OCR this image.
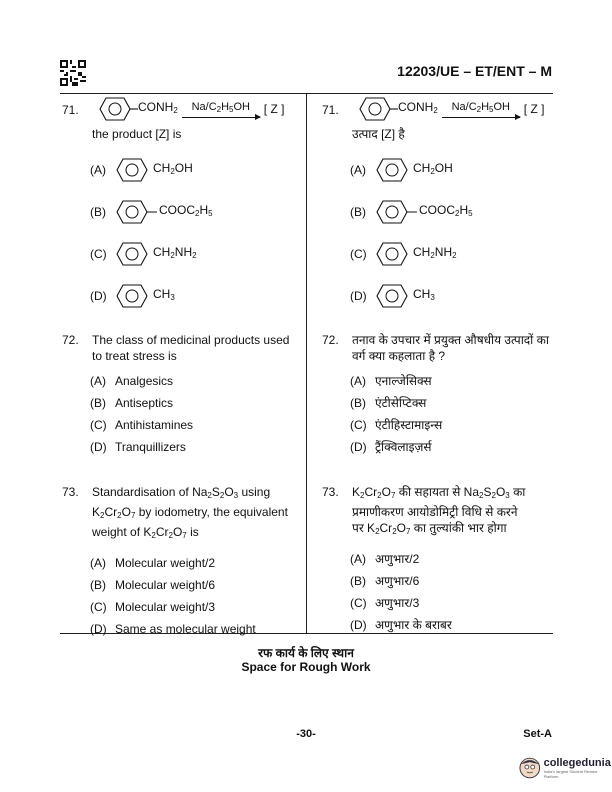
12203/UE – ET/ENT – M
71.	$CONH_2$ $Na/C_2H_5OH$ [ Z ]
the product [Z] is
(A)	$CH_2OH$
(B)	$COOC_2H_5$
(C)	$CH_2NH_2$
(D)	$CH_3$
72.	The class of medicinal products used to treat stress is
(A) Analgesics
(B) Antiseptics
(C) Antihistamines
(D) Tranquillizers
73.	Standardisation of $Na_2S_2O_3$ using
$K_2Cr_2O_7$ by iodometry, the equivalent
weight of $K_2Cr_2O_7$ is
(A) Molecular weight/2
(B) Molecular weight/6
(C) Molecular weight/3
(D) Same as molecular weight
71.	$CONH_2$ $Na/C_2H_5OH$ [ Z ]
उत्पाद [Z] है
(A)	$CH_2OH$
(B)	$COOC_2H_5$
(C)	$CH_2NH_2$
(D)	$CH_3$
72.	तनाव के उपचार में प्रयुक्त औषधीय उत्पादों का वर्ग क्या कहलाता है ?
(A) एनाल्जेसिक्स
(B) एंटीसेप्टिक्स
(C) एंटीहिस्टामाइन्स
(D) ट्रैंक्विलाइज़र्स
73.	$K_2Cr_2O_7$ की सहायता से $Na_2S_2O_3$ का
प्रमाणीकरण आयोडोमिट्री विधि से करने
पर $K_2Cr_2O_7$ का तुल्यांकी भार होगा
(A) अणुभार/2
(B) अणुभार/6
(C) अणुभार/3
(D) अणुभार के बराबर
रफ कार्य के लिए स्थान
Space for Rough Work
-30-	Set-A
collegedunia
India's largest Student Review Platform
